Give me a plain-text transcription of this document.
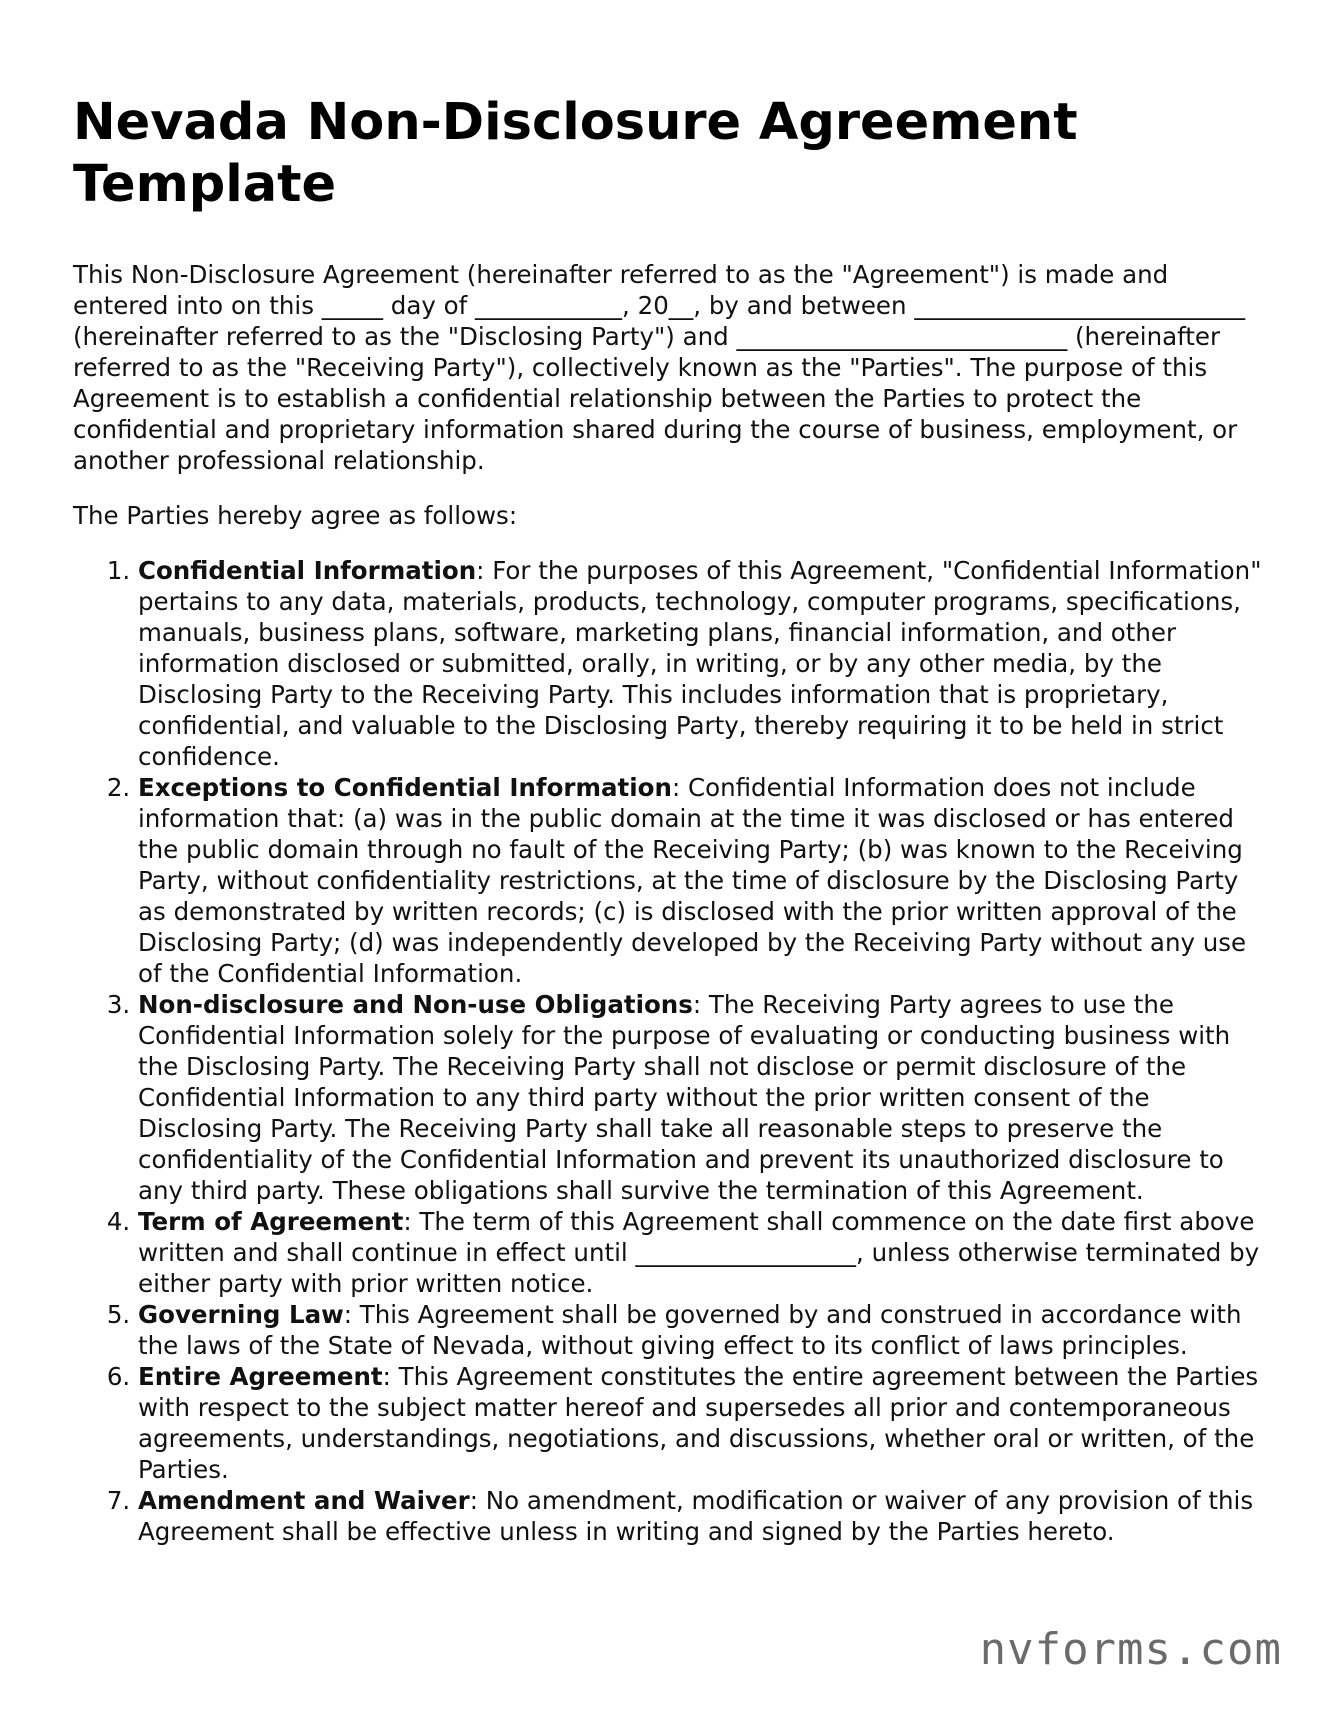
Nevada Non-Disclosure Agreement Template

This Non-Disclosure Agreement (hereinafter referred to as the "Agreement") is made and entered into on this _____ day of ____________, 20__, by and between ___________________________ (hereinafter referred to as the "Disclosing Party") and ___________________________ (hereinafter referred to as the "Receiving Party"), collectively known as the "Parties". The purpose of this Agreement is to establish a confidential relationship between the Parties to protect the confidential and proprietary information shared during the course of business, employment, or another professional relationship.

The Parties hereby agree as follows:

1. Confidential Information: For the purposes of this Agreement, "Confidential Information" pertains to any data, materials, products, technology, computer programs, specifications, manuals, business plans, software, marketing plans, financial information, and other information disclosed or submitted, orally, in writing, or by any other media, by the Disclosing Party to the Receiving Party. This includes information that is proprietary, confidential, and valuable to the Disclosing Party, thereby requiring it to be held in strict confidence.
2. Exceptions to Confidential Information: Confidential Information does not include information that: (a) was in the public domain at the time it was disclosed or has entered the public domain through no fault of the Receiving Party; (b) was known to the Receiving Party, without confidentiality restrictions, at the time of disclosure by the Disclosing Party as demonstrated by written records; (c) is disclosed with the prior written approval of the Disclosing Party; (d) was independently developed by the Receiving Party without any use of the Confidential Information.
3. Non-disclosure and Non-use Obligations: The Receiving Party agrees to use the Confidential Information solely for the purpose of evaluating or conducting business with the Disclosing Party. The Receiving Party shall not disclose or permit disclosure of the Confidential Information to any third party without the prior written consent of the Disclosing Party. The Receiving Party shall take all reasonable steps to preserve the confidentiality of the Confidential Information and prevent its unauthorized disclosure to any third party. These obligations shall survive the termination of this Agreement.
4. Term of Agreement: The term of this Agreement shall commence on the date first above written and shall continue in effect until __________________, unless otherwise terminated by either party with prior written notice.
5. Governing Law: This Agreement shall be governed by and construed in accordance with the laws of the State of Nevada, without giving effect to its conflict of laws principles.
6. Entire Agreement: This Agreement constitutes the entire agreement between the Parties with respect to the subject matter hereof and supersedes all prior and contemporaneous agreements, understandings, negotiations, and discussions, whether oral or written, of the Parties.
7. Amendment and Waiver: No amendment, modification or waiver of any provision of this Agreement shall be effective unless in writing and signed by the Parties hereto.
nvforms.com
